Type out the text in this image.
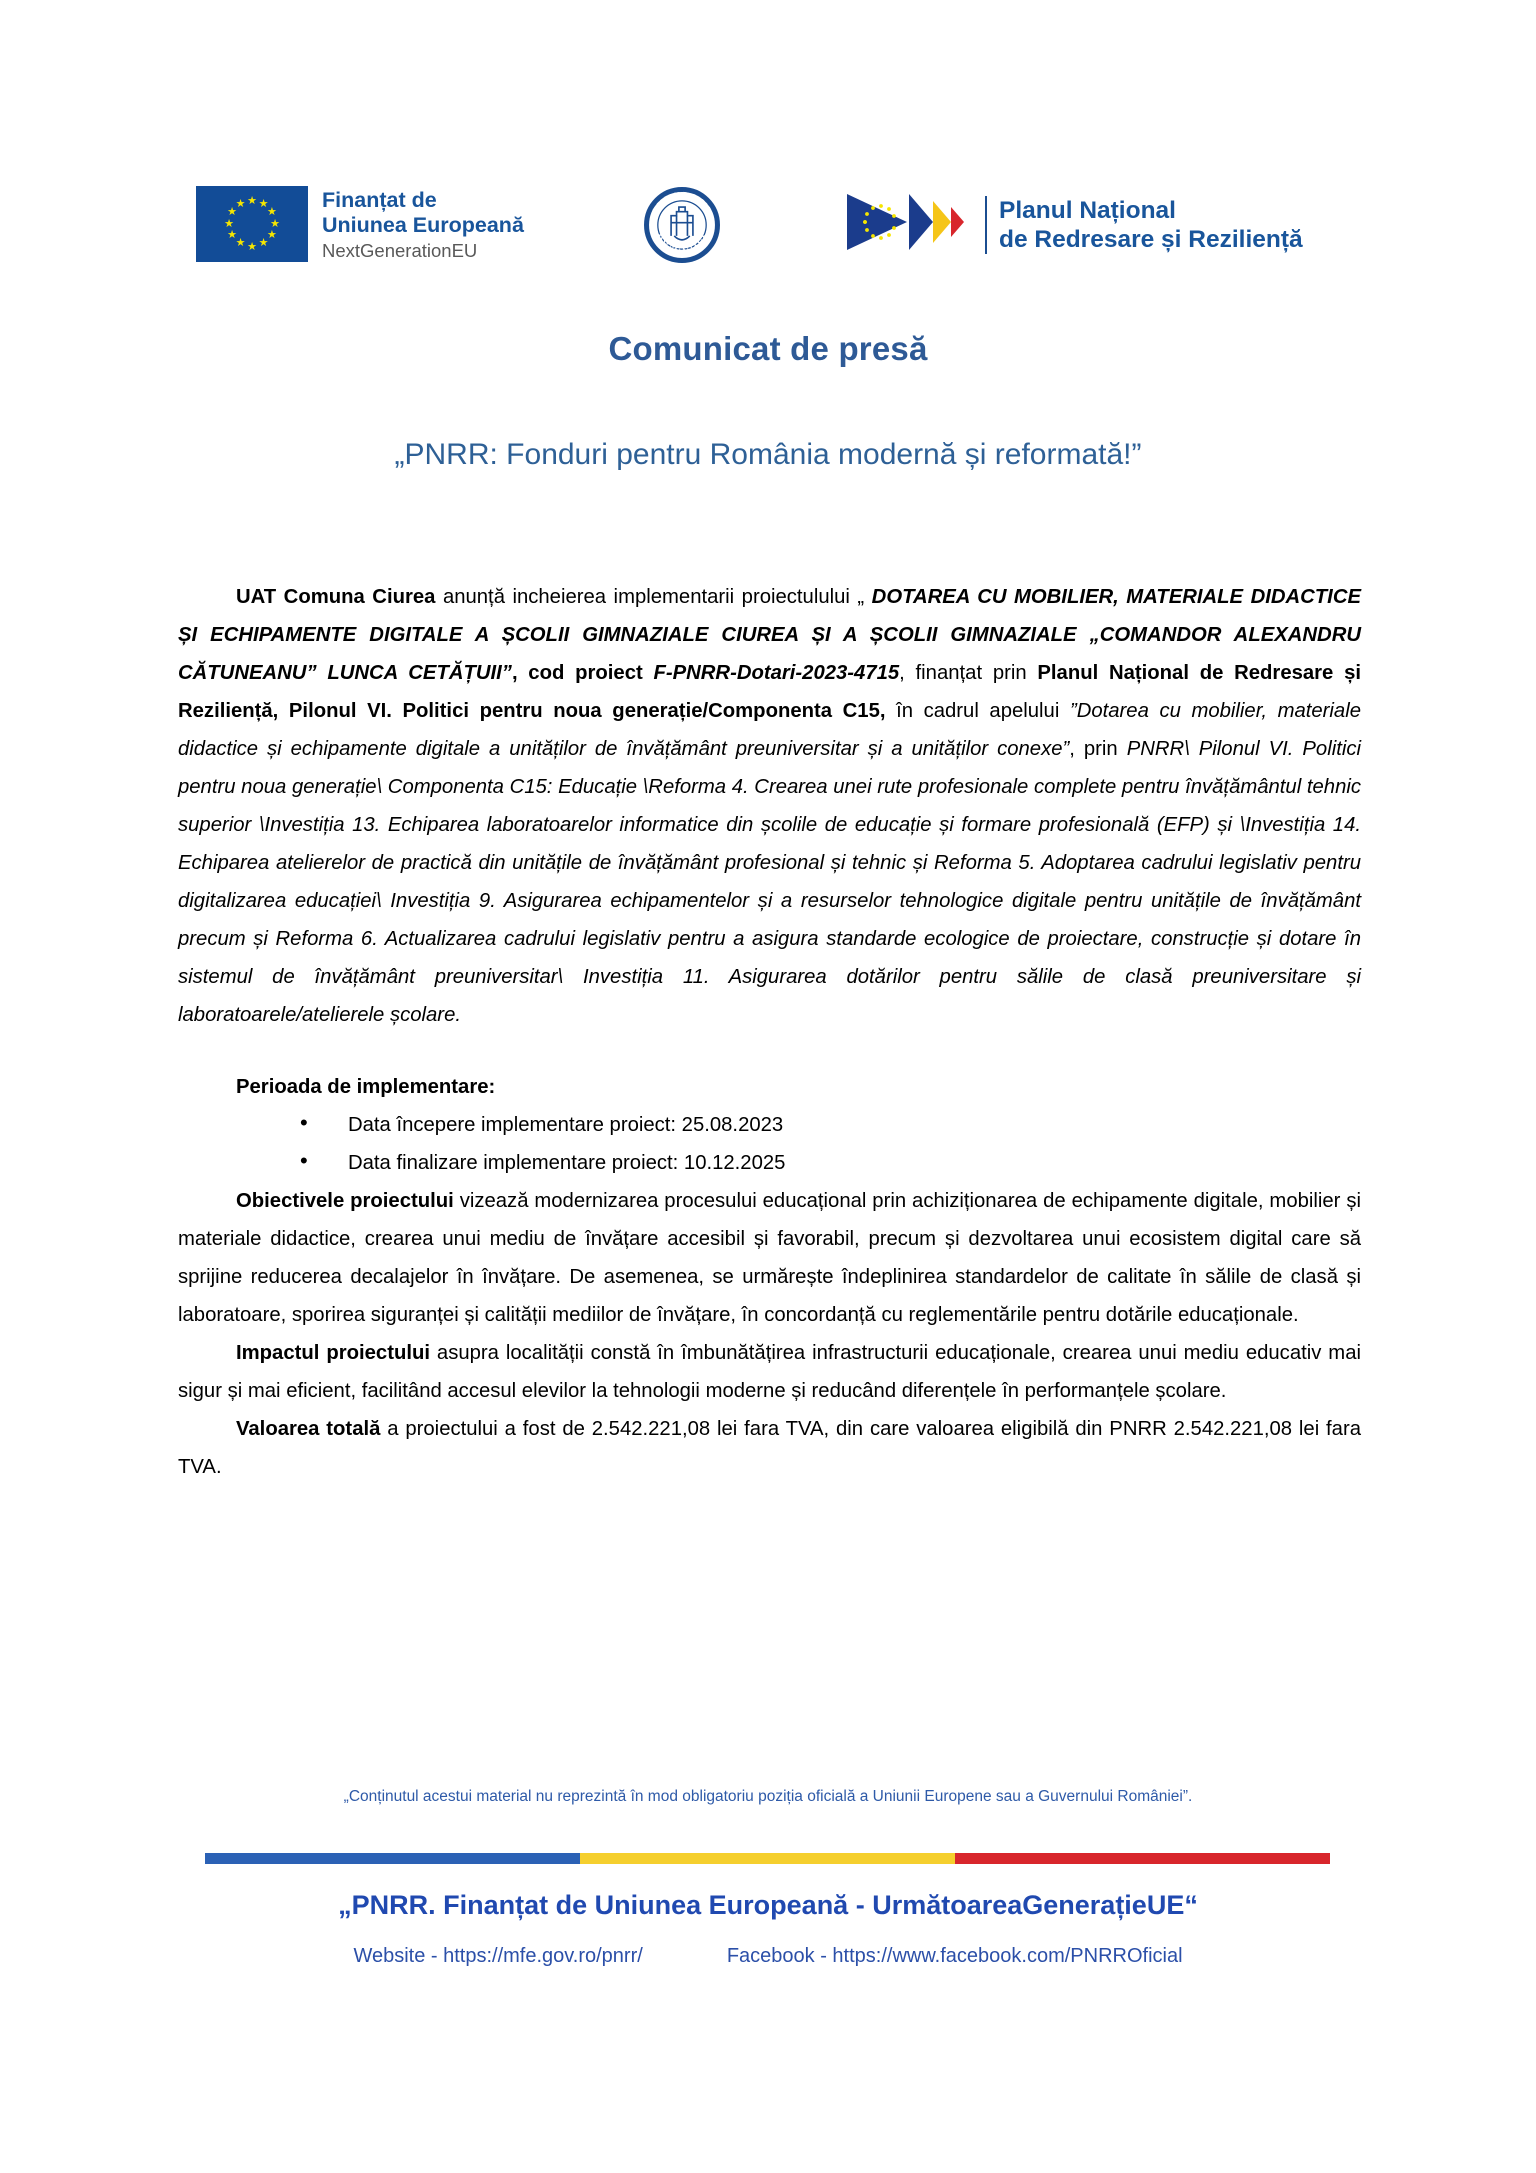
★ ★
★
★
★
★
★
★
★
★
★
★	Finanțat de
Uniunea Europeană
NextGenerationEU
GUVERNUL
ROMÂNIEI
Planul Național
de Redresare și Reziliență
Comunicat de presă
„PNRR: Fonduri pentru România modernă și reformată!”

UAT Comuna Ciurea anunță incheierea implementarii proiectulului „ DOTAREA CU MOBILIER, MATERIALE DIDACTICE ȘI ECHIPAMENTE DIGITALE A ȘCOLII GIMNAZIALE CIUREA ȘI A ȘCOLII GIMNAZIALE „COMANDOR ALEXANDRU CĂTUNEANU” LUNCA CETĂȚUII”, cod proiect F-PNRR-Dotari-2023-4715, finanțat prin Planul Național de Redresare și Reziliență, Pilonul VI. Politici pentru noua generație/Componenta C15, în cadrul apelului ”Dotarea cu mobilier, materiale didactice și echipamente digitale a unităților de învățământ preuniversitar și a unităților conexe”, prin PNRR\ Pilonul VI. Politici pentru noua generație\ Componenta C15: Educație \Reforma 4. Crearea unei rute profesionale complete pentru învățământul tehnic superior \Investiția 13. Echiparea laboratoarelor informatice din școlile de educație și formare profesională (EFP) și \Investiția 14. Echiparea atelierelor de practică din unitățile de învățământ profesional și tehnic și Reforma 5. Adoptarea cadrului legislativ pentru digitalizarea educației\ Investiția 9. Asigurarea echipamentelor și a resurselor tehnologice digitale pentru unitățile de învățământ precum și Reforma 6. Actualizarea cadrului legislativ pentru a asigura standarde ecologice de proiectare, construcție și dotare în sistemul de învățământ preuniversitar\ Investiția 11. Asigurarea dotărilor pentru sălile de clasă preuniversitare și laboratoarele/atelierele școlare.

Perioada de implementare:
• Data începere implementare proiect: 25.08.2023
• Data finalizare implementare proiect: 10.12.2025

Obiectivele proiectului vizează modernizarea procesului educațional prin achiziționarea de echipamente digitale, mobilier și materiale didactice, crearea unui mediu de învățare accesibil și favorabil, precum și dezvoltarea unui ecosistem digital care să sprijine reducerea decalajelor în învățare. De asemenea, se urmărește îndeplinirea standardelor de calitate în sălile de clasă și laboratoare, sporirea siguranței și calității mediilor de învățare, în concordanță cu reglementările pentru dotările educaționale.

Impactul proiectului asupra localității constă în îmbunătățirea infrastructurii educaționale, crearea unui mediu educativ mai sigur și mai eficient, facilitând accesul elevilor la tehnologii moderne și reducând diferențele în performanțele școlare.

Valoarea totală a proiectului a fost de 2.542.221,08 lei fara TVA, din care valoarea eligibilă din PNRR 2.542.221,08 lei fara TVA.

„Conținutul acestui material nu reprezintă în mod obligatoriu poziția oficială a Uniunii Europene sau a Guvernului României”.
„PNRR. Finanțat de Uniunea Europeană - UrmătoareaGenerațieUE“
Website - https://mfe.gov.ro/pnrr/	Facebook - https://www.facebook.com/PNRROficial
